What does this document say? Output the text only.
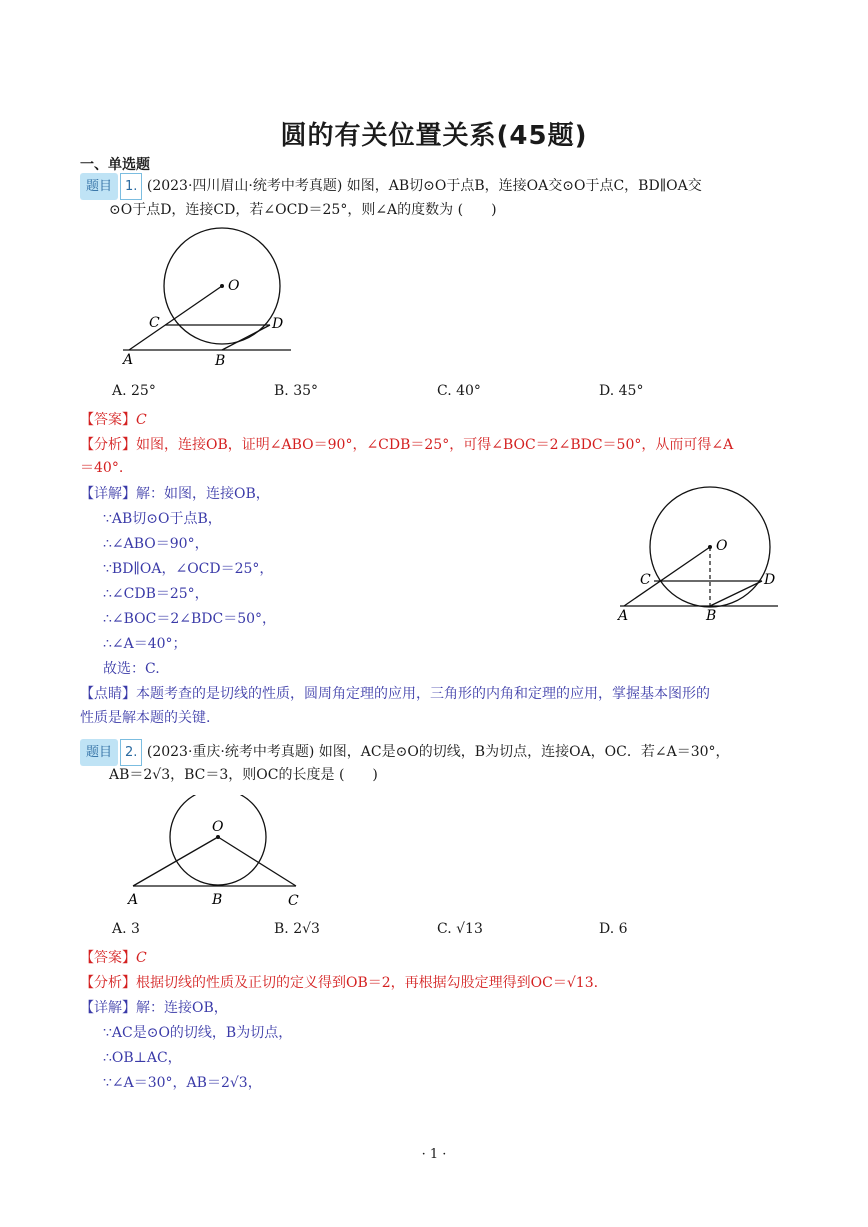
圆的有关位置关系(45题)
一、单选题
题目 1. (2023·四川眉山·统考中考真题) 如图，AB切⊙O于点B，连接OA交⊙O于点C，BD∥OA交
⊙O于点D，连接CD，若∠OCD＝25°，则∠A的度数为 (　　)
O
C	D
A	B
A. 25°	B. 35°	C. 40°	D. 45°
【答案】C
【分析】如图，连接OB，证明∠ABO＝90°，∠CDB＝25°，可得∠BOC＝2∠BDC＝50°，从而可得∠A
＝40°.
【详解】解：如图，连接OB，
∵AB切⊙O于点B，
∴∠ABO＝90°，
∵BD∥OA，∠OCD＝25°，
∴∠CDB＝25°，
∴∠BOC＝2∠BDC＝50°，
∴∠A＝40°；
故选：C.
O
C	D
A	B
【点睛】本题考查的是切线的性质，圆周角定理的应用，三角形的内角和定理的应用，掌握基本图形的
性质是解本题的关键.
题目 2. (2023·重庆·统考中考真题) 如图，AC是⊙O的切线，B为切点，连接OA，OC．若∠A＝30°，
AB＝2√3，BC＝3，则OC的长度是 (　　)
O
A	B	C
A. 3	B. 2√3	C. √13	D. 6
【答案】C
【分析】根据切线的性质及正切的定义得到OB＝2，再根据勾股定理得到OC＝√13.
【详解】解：连接OB，
∵AC是⊙O的切线，B为切点，
∴OB⊥AC，
∵∠A＝30°，AB＝2√3，
· 1 ·
